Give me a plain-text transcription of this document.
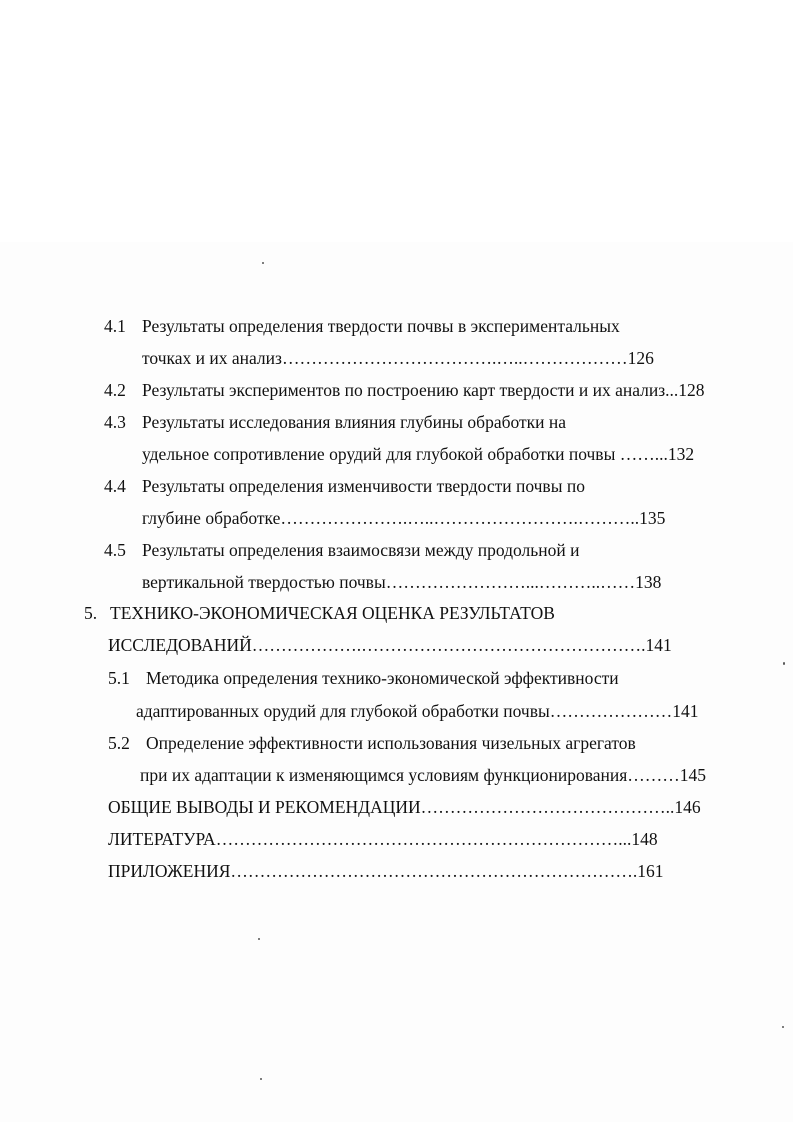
4.1 Результаты определения твердости почвы в экспериментальных
точках и их анализ……………………………….…..………………126
4.2 Результаты экспериментов по построению карт твердости и их анализ...128
4.3 Результаты исследования влияния глубины обработки на
удельное сопротивление орудий для глубокой обработки почвы ……...132
4.4 Результаты определения изменчивости твердости почвы по
глубине обработке………………….…..…………………….………..135
4.5 Результаты определения взаимосвязи между продольной и
вертикальной твердостью почвы……………………...………..……138
5. ТЕХНИКО-ЭКОНОМИЧЕСКАЯ ОЦЕНКА РЕЗУЛЬТАТОВ
ИССЛЕДОВАНИЙ……………….………………………………………….141
5.1 Методика определения технико-экономической эффективности
адаптированных орудий для глубокой обработки почвы…………………141
5.2 Определение эффективности использования чизельных агрегатов
при их адаптации к изменяющимся условиям функционирования………145
ОБЩИЕ ВЫВОДЫ И РЕКОМЕНДАЦИИ……………………………………..146
ЛИТЕРАТУРА……………………………………………………………...148
ПРИЛОЖЕНИЯ…………………………………………………………….161
